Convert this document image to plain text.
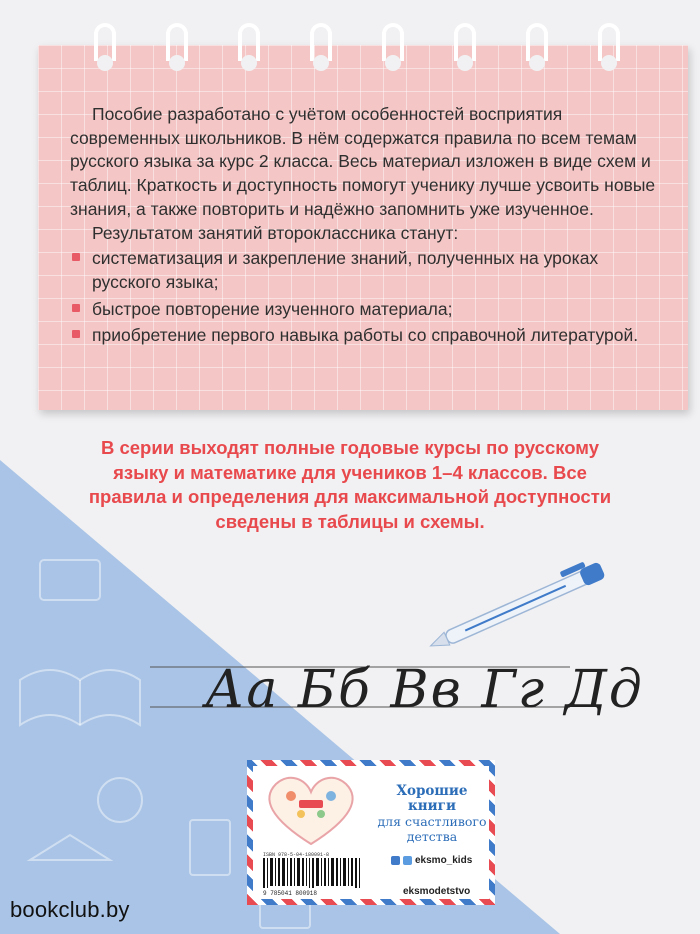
Пособие разработано с учётом особенностей восприятия современных школьников. В нём содержатся правила по всем темам русского языка за курс 2 класса. Весь материал изложен в виде схем и таблиц. Краткость и доступность помогут ученику лучше усвоить новые знания, а также повторить и надёжно запомнить уже изученное.

Результатом занятий второклассника станут:

систематизация и закрепление знаний, полученных на уроках русского языка;
быстрое повторение изученного материала;
приобретение первого навыка работы со справочной литературой.
В серии выходят полные годовые курсы по русскому языку и математике для учеников 1–4 классов. Все правила и определения для максимальной доступности сведены в таблицы и схемы.
Аа Бб Вв Гг Дд
Хорошие
книги
для счастливого
детства
ISBN 978-5-04-180091-8
9 785041 800918
eksmo_kids
eksmodetstvo
bookclub.by
